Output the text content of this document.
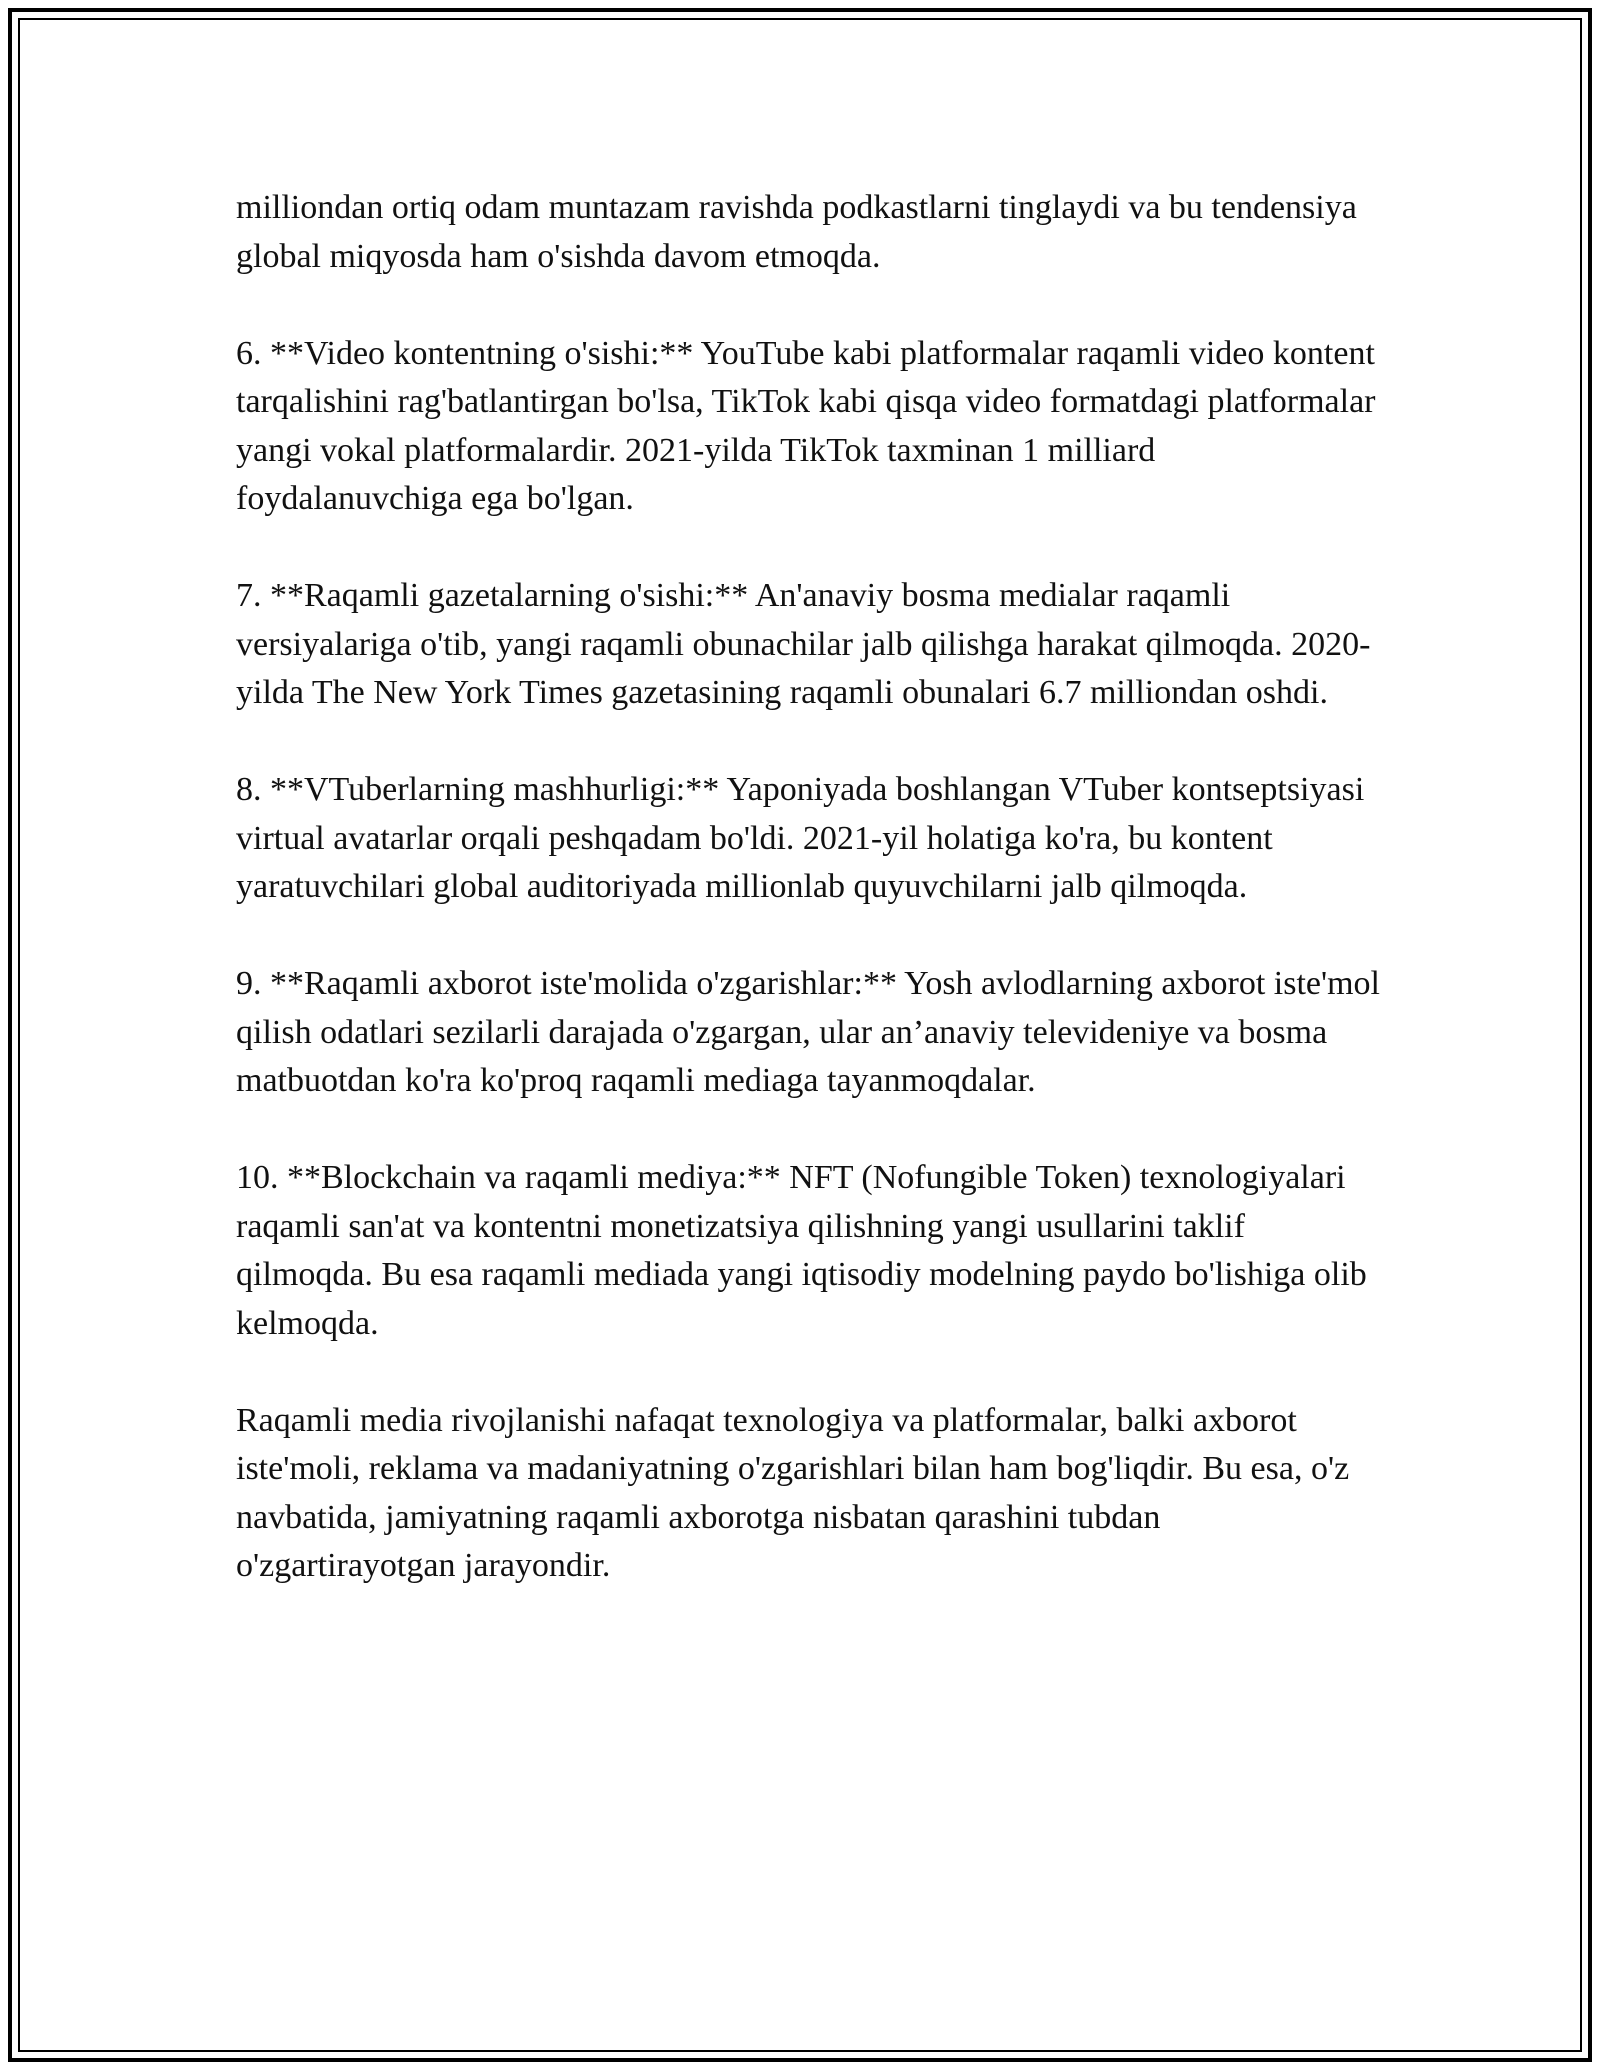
milliondan ortiq odam muntazam ravishda podkastlarni tinglaydi va bu tendensiya global miqyosda ham o'sishda davom etmoqda.

6. **Video kontentning o'sishi:** YouTube kabi platformalar raqamli video kontent tarqalishini rag'batlantirgan bo'lsa, TikTok kabi qisqa video formatdagi platformalar yangi vokal platformalardir. 2021-yilda TikTok taxminan 1 milliard foydalanuvchiga ega bo'lgan.

7. **Raqamli gazetalarning o'sishi:** An'anaviy bosma medialar raqamli versiyalariga o'tib, yangi raqamli obunachilar jalb qilishga harakat qilmoqda. 2020-yilda The New York Times gazetasining raqamli obunalari 6.7 milliondan oshdi.

8. **VTuberlarning mashhurligi:** Yaponiyada boshlangan VTuber kontseptsiyasi virtual avatarlar orqali peshqadam bo'ldi. 2021-yil holatiga ko'ra, bu kontent yaratuvchilari global auditoriyada millionlab quyuvchilarni jalb qilmoqda.

9. **Raqamli axborot iste'molida o'zgarishlar:** Yosh avlodlarning axborot iste'mol qilish odatlari sezilarli darajada o'zgargan, ular an’anaviy televideniye va bosma matbuotdan ko'ra ko'proq raqamli mediaga tayanmoqdalar.

10. **Blockchain va raqamli mediya:** NFT (Nofungible Token) texnologiyalari raqamli san'at va kontentni monetizatsiya qilishning yangi usullarini taklif qilmoqda. Bu esa raqamli mediada yangi iqtisodiy modelning paydo bo'lishiga olib kelmoqda.

Raqamli media rivojlanishi nafaqat texnologiya va platformalar, balki axborot iste'moli, reklama va madaniyatning o'zgarishlari bilan ham bog'liqdir. Bu esa, o'z navbatida, jamiyatning raqamli axborotga nisbatan qarashini tubdan o'zgartirayotgan jarayondir.
